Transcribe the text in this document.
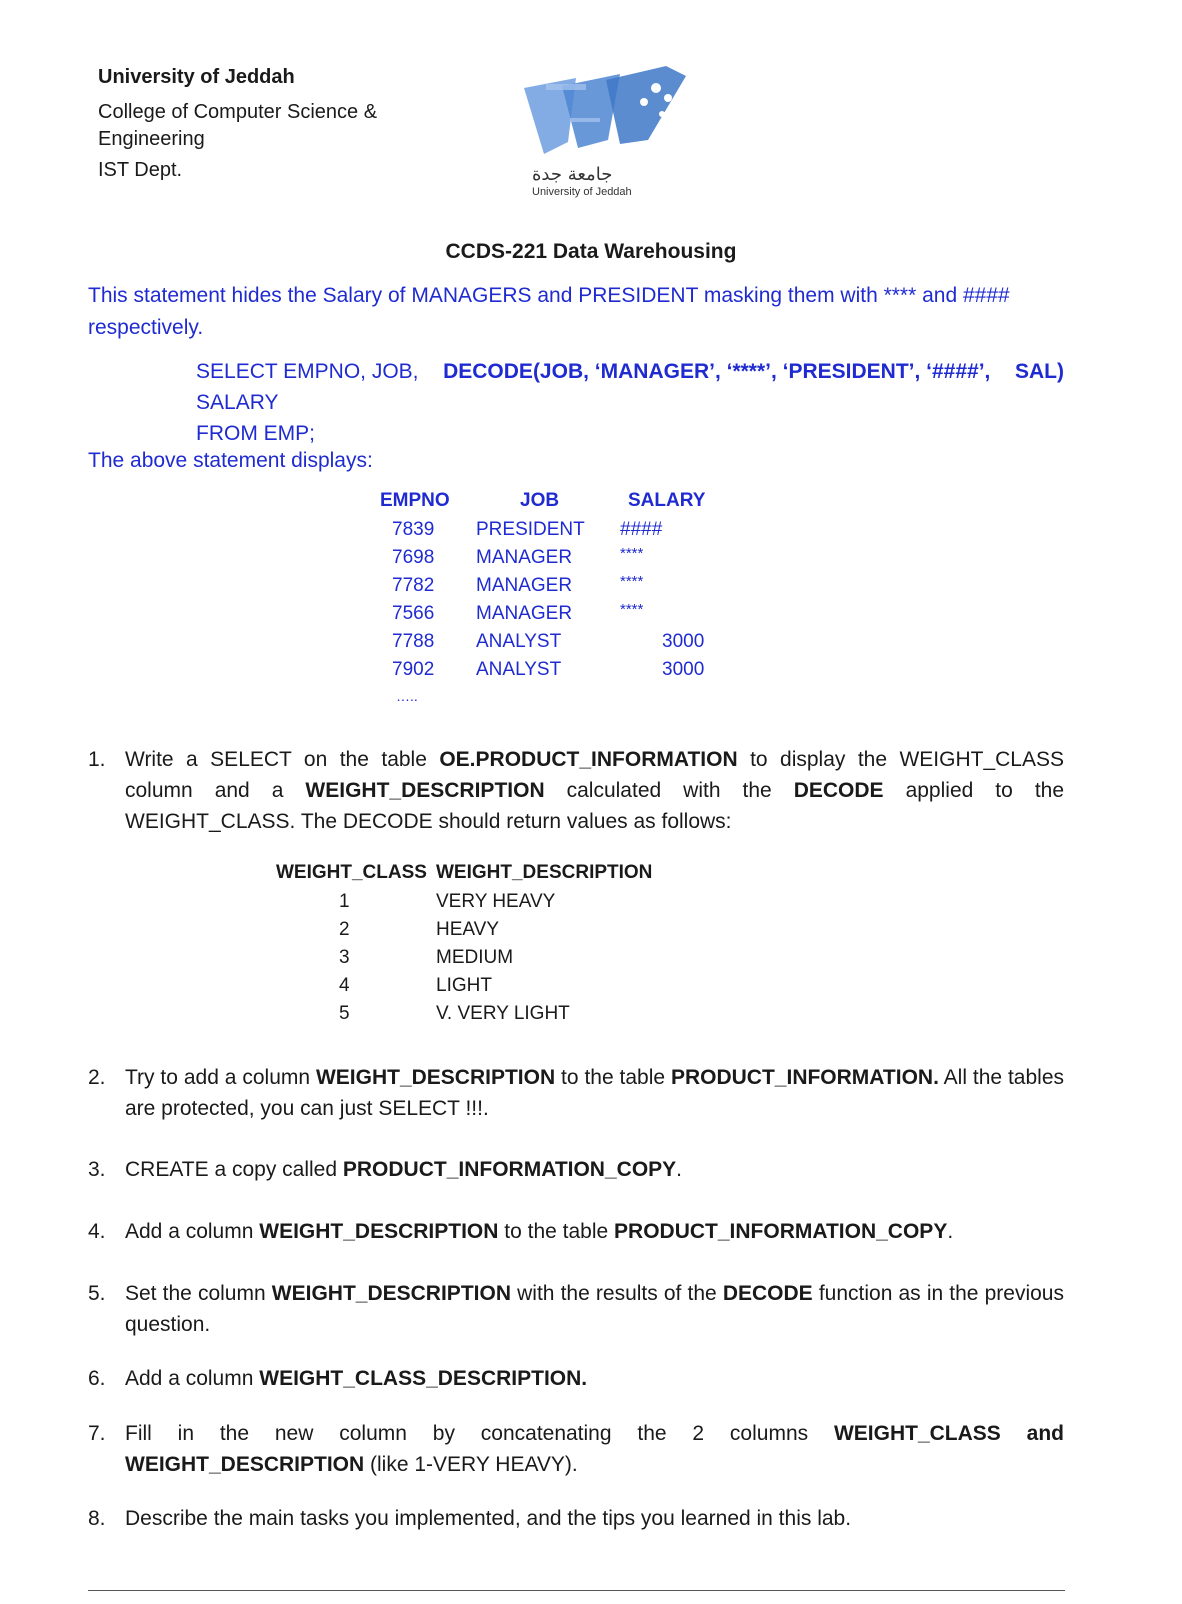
University of Jeddah
College of Computer Science &
Engineering
IST Dept.	جامعة جدة
University of Jeddah
CCDS-221 Data Warehousing
This statement hides the Salary of MANAGERS and PRESIDENT masking them with **** and ####
respectively.
SELECT EMPNO, JOB, DECODE(JOB, ‘MANAGER’, ‘****’, ‘PRESIDENT’, ‘####’, SAL)
SALARY
FROM EMP;
The above statement displays:
EMPNO	JOB	SALARY
7839 PRESIDENT ####
7698 MANAGER	****
7782 MANAGER	****
7566 MANAGER	****
7788 ANALYST	3000
7902 ANALYST	3000
…..
1. Write a SELECT on the table OE.PRODUCT_INFORMATION to display the WEIGHT_CLASS column and a WEIGHT_DESCRIPTION calculated with the DECODE applied to the WEIGHT_CLASS. The DECODE should return values as follows:
WEIGHT_CLASS WEIGHT_DESCRIPTION
1	VERY HEAVY
2	HEAVY
3	MEDIUM
4	LIGHT
5	V. VERY LIGHT
2. Try to add a column WEIGHT_DESCRIPTION to the table PRODUCT_INFORMATION. All the tables are protected, you can just SELECT !!!.
3. CREATE a copy called PRODUCT_INFORMATION_COPY.
4. Add a column WEIGHT_DESCRIPTION to the table PRODUCT_INFORMATION_COPY.
5. Set the column WEIGHT_DESCRIPTION with the results of the DECODE function as in the previous question.
6. Add a column WEIGHT_CLASS_DESCRIPTION.
7. Fill in the new column by concatenating the 2 columns WEIGHT_CLASS and WEIGHT_DESCRIPTION (like 1-VERY HEAVY).
8. Describe the main tasks you implemented, and the tips you learned in this lab.
